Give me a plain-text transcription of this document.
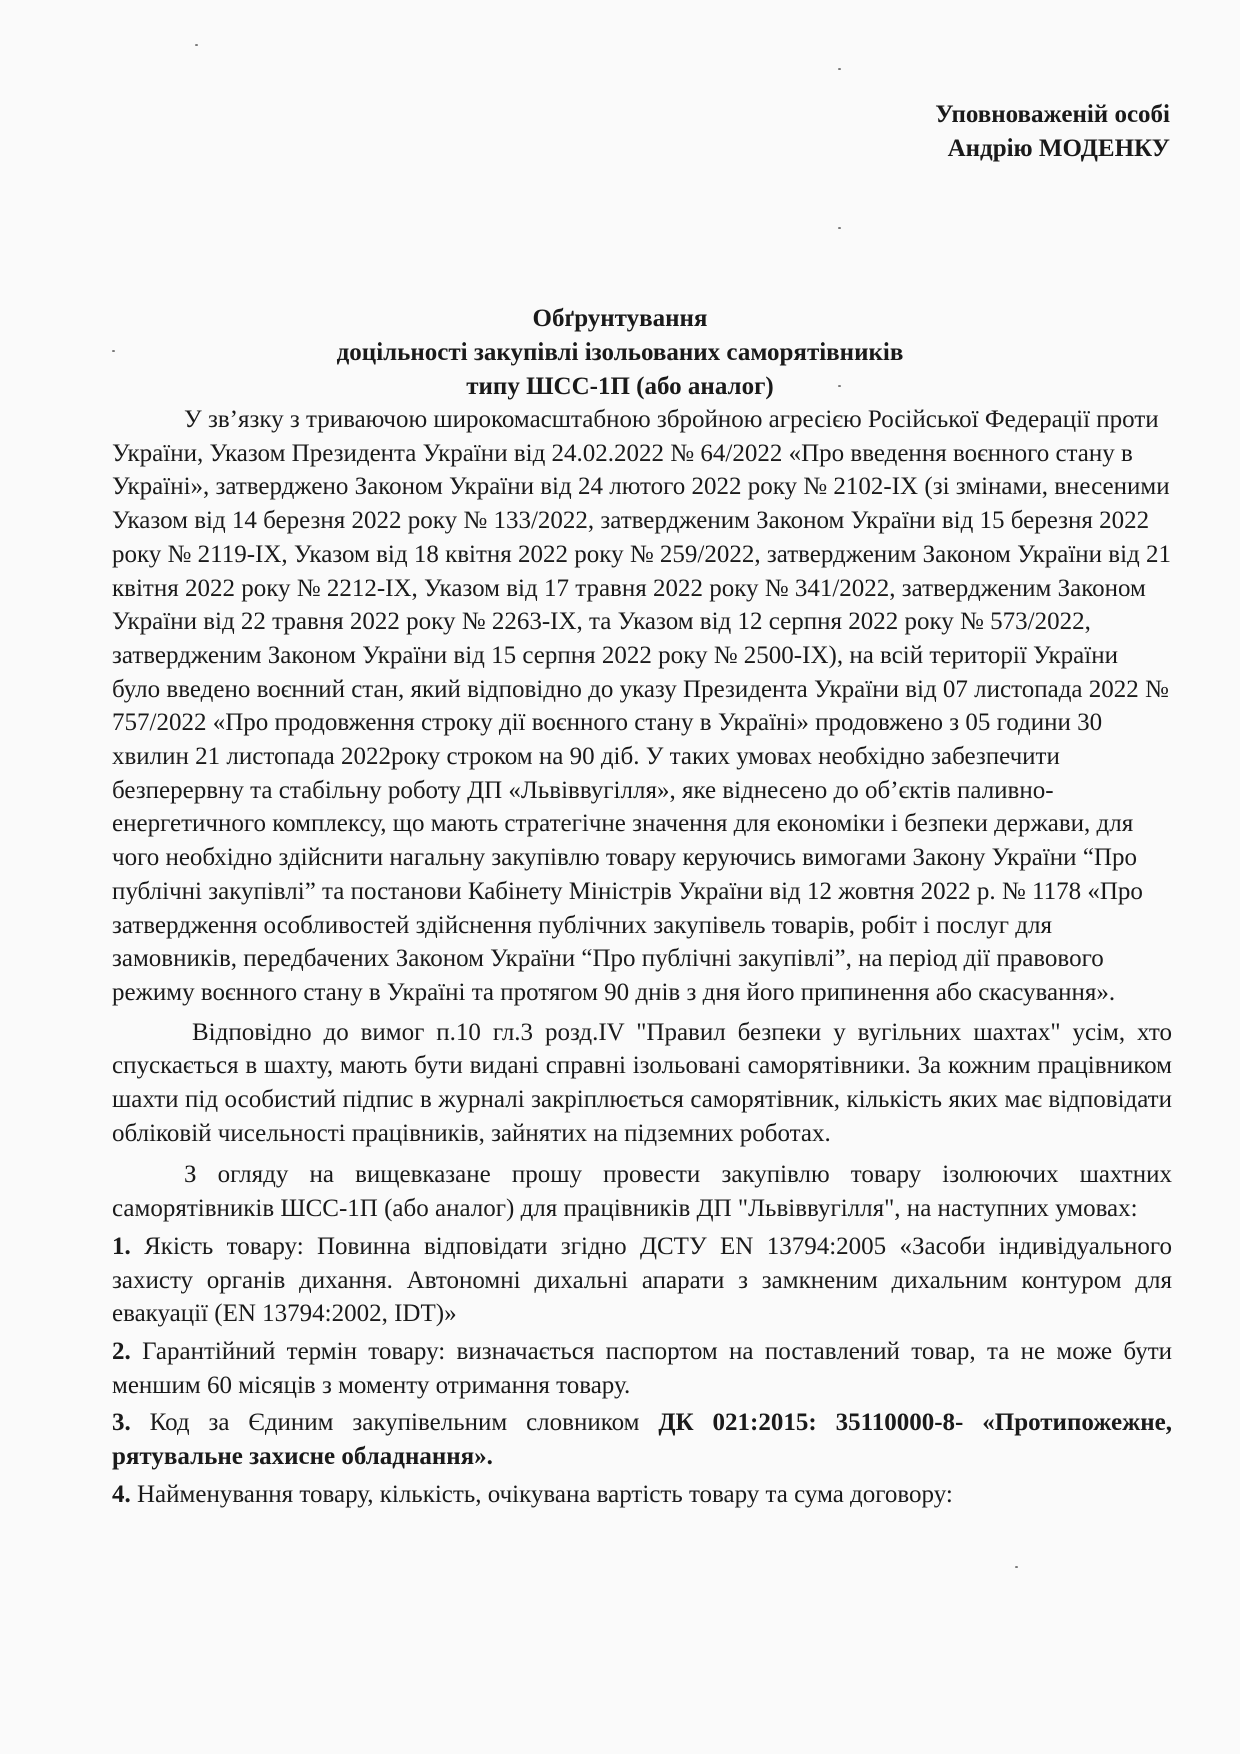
Уповноваженій особі
Андрію МОДЕНКУ
Обґрунтування
доцільності закупівлі ізольованих саморятівників
типу ШСС-1П (або аналог)

У зв’язку з триваючою широкомасштабною збройною агресією Російської Федерації проти України, Указом Президента України від 24.02.2022 № 64/2022 «Про введення воєнного стану в Україні», затверджено Законом України від 24 лютого 2022 року № 2102-IX (зі змінами, внесеними Указом від 14 березня 2022 року № 133/2022, затвердженим Законом України від 15 березня 2022 року № 2119-IX, Указом від 18 квітня 2022 року № 259/2022, затвердженим Законом України від 21 квітня 2022 року № 2212-IX, Указом від 17 травня 2022 року № 341/2022, затвердженим Законом України від 22 травня 2022 року № 2263-IX, та Указом від 12 серпня 2022 року № 573/2022, затвердженим Законом України від 15 серпня 2022 року № 2500-IX), на всій території України було введено воєнний стан, який відповідно до указу Президента України від 07 листопада 2022 № 757/2022 «Про продовження строку дії воєнного стану в Україні» продовжено з 05 години 30 хвилин 21 листопада 2022року строком на 90 діб. У таких умовах необхідно забезпечити безперервну та стабільну роботу ДП «Львіввугілля», яке віднесено до об’єктів паливно-енергетичного комплексу, що мають стратегічне значення для економіки і безпеки держави, для чого необхідно здійснити нагальну закупівлю товару керуючись вимогами Закону України “Про публічні закупівлі” та постанови Кабінету Міністрів України від 12 жовтня 2022 р. № 1178 «Про затвердження особливостей здійснення публічних закупівель товарів, робіт і послуг для замовників, передбачених Законом України “Про публічні закупівлі”, на період дії правового режиму воєнного стану в Україні та протягом 90 днів з дня його припинення або скасування».

Відповідно до вимог п.10 гл.3 розд.IV "Правил безпеки у вугільних шахтах" усім, хто спускається в шахту, мають бути видані справні ізольовані саморятівники. За кожним працівником шахти під особистий підпис в журналі закріплюється саморятівник, кількість яких має відповідати обліковій чисельності працівників, зайнятих на підземних роботах.

З огляду на вищевказане прошу провести закупівлю товару ізолюючих шахтних саморятівників ШСС-1П (або аналог) для працівників ДП "Львіввугілля", на наступних умовах:

1. Якість товару: Повинна відповідати згідно ДСТУ EN 13794:2005 «Засоби індивідуального захисту органів дихання. Автономні дихальні апарати з замкненим дихальним контуром для евакуації (EN 13794:2002, IDT)»
2. Гарантійний термін товару: визначається паспортом на поставлений товар, та не може бути меншим 60 місяців з моменту отримання товару.
3. Код за Єдиним закупівельним словником ДК 021:2015: 35110000-8- «Протипожежне, рятувальне захисне обладнання».
4. Найменування товару, кількість, очікувана вартість товару та сума договору:
